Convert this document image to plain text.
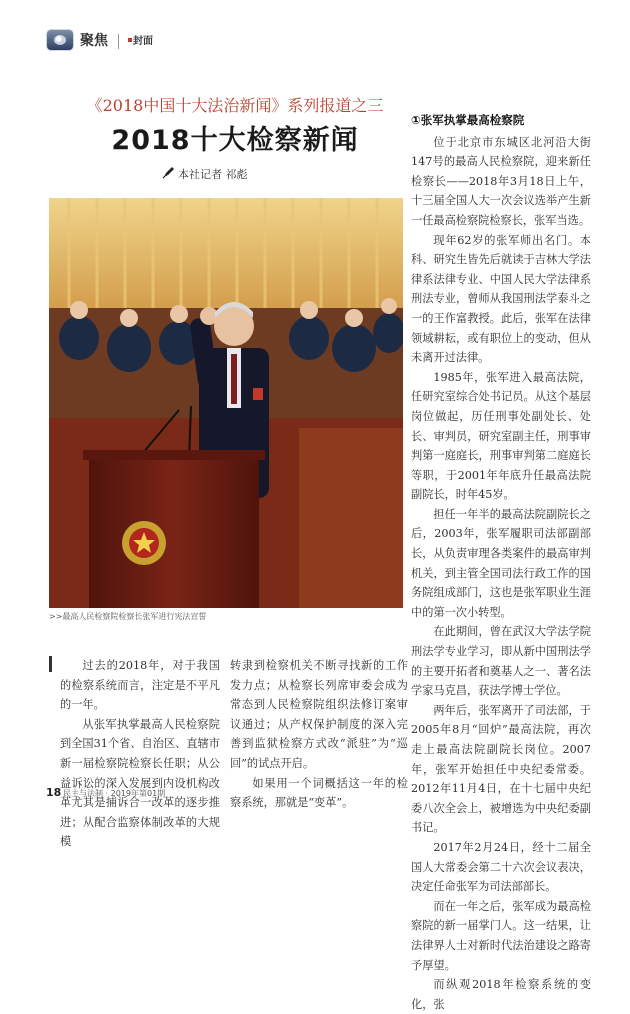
聚焦	封面
《2018中国十大法治新闻》系列报道之三
2018十大检察新闻
本社记者 祁彪
>>最高人民检察院检察长张军进行宪法宣誓

①张军执掌最高检察院

位于北京市东城区北河沿大街147号的最高人民检察院，迎来新任检察长——2018年3月18日上午，十三届全国人大一次会议选举产生新一任最高检察院检察长，张军当选。

现年62岁的张军师出名门。本科、研究生皆先后就读于吉林大学法律系法律专业、中国人民大学法律系刑法专业，曾师从我国刑法学泰斗之一的王作富教授。此后，张军在法律领域耕耘，或有职位上的变动，但从未离开过法律。

1985年，张军进入最高法院，任研究室综合处书记员。从这个基层岗位做起，历任刑事处副处长、处长、审判员，研究室副主任，刑事审判第一庭庭长，刑事审判第二庭庭长等职，于2001年年底升任最高法院副院长，时年45岁。

担任一年半的最高法院副院长之后，2003年，张军履职司法部副部长，从负责审理各类案件的最高审判机关，到主管全国司法行政工作的国务院组成部门，这也是张军职业生涯中的第一次小转型。

在此期间，曾在武汉大学法学院刑法学专业学习，即从新中国刑法学的主要开拓者和奠基人之一、著名法学家马克昌，获法学博士学位。

两年后，张军离开了司法部，于2005年8月“回炉”最高法院，再次走上最高法院副院长岗位。2007年，张军开始担任中央纪委常委。2012年11月4日，在十七届中央纪委八次全会上，被增选为中央纪委副书记。

2017年2月24日，经十二届全国人大常委会第二十六次会议表决，决定任命张军为司法部部长。

而在一年之后，张军成为最高检察院的新一届掌门人。这一结果，让法律界人士对新时代法治建设之路寄予厚望。

而纵观2018年检察系统的变化，张

过去的2018年，对于我国的检察系统而言，注定是不平凡的一年。

从张军执掌最高人民检察院到全国31个省、自治区、直辖市新一届检察院检察长任职；从公益诉讼的深入发展到内设机构改革尤其是捕诉合一改革的逐步推进；从配合监察体制改革的大规模

转隶到检察机关不断寻找新的工作发力点；从检察长列席审委会成为常态到人民检察院组织法修订案审议通过；从产权保护制度的深入完善到监狱检察方式改“派驻”为“巡回”的试点开启。

如果用一个词概括这一年的检察系统，那就是“变革”。

18 民主与法制 · 2019年第01期
